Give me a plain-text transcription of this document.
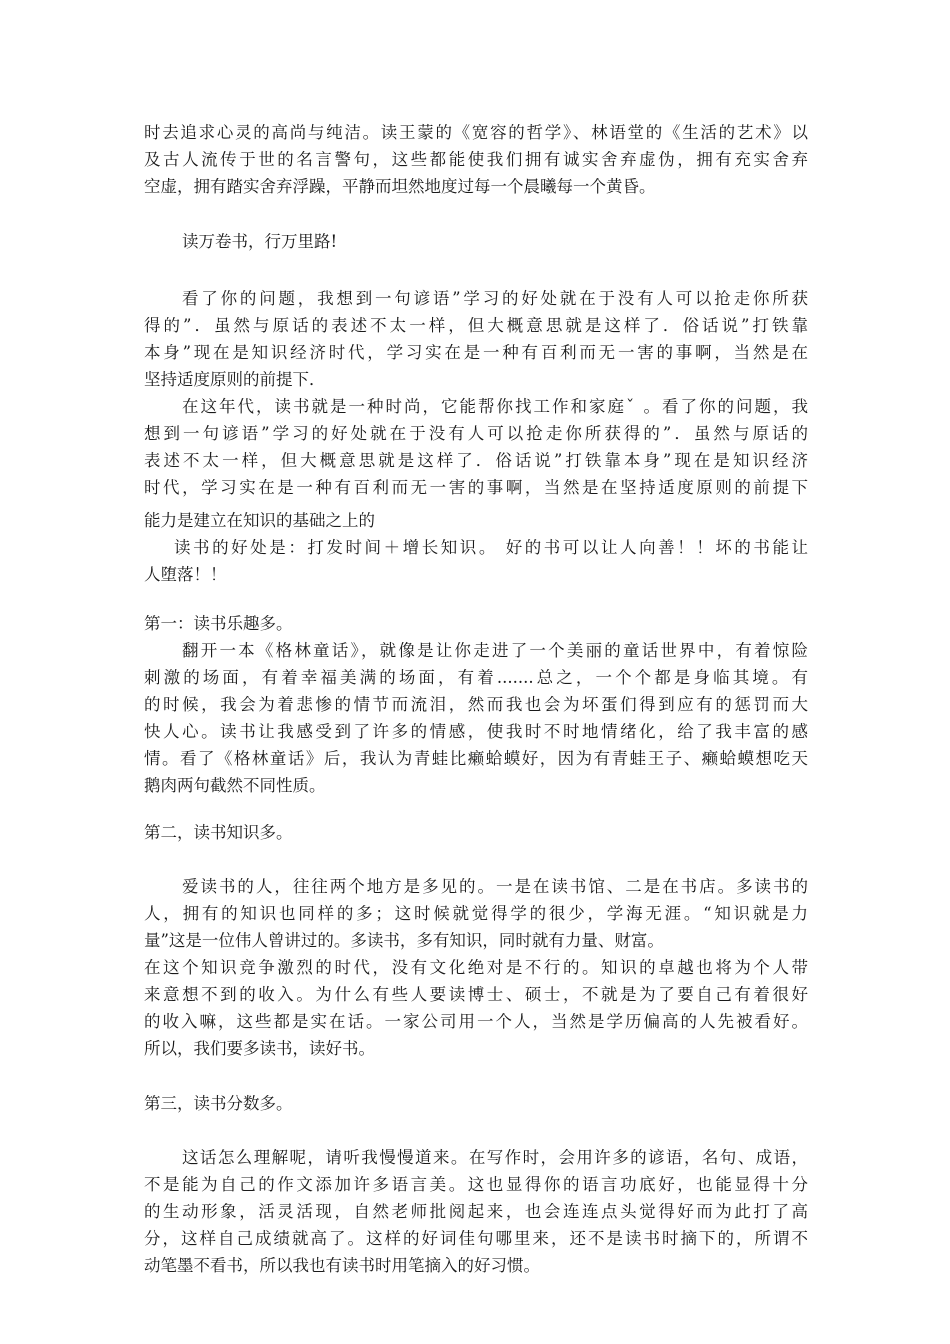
时去追求心灵的高尚与纯洁。读王蒙的《宽容的哲学》、林语堂的《生活的艺术》以
及古人流传于世的名言警句，这些都能使我们拥有诚实舍弃虚伪，拥有充实舍弃
空虚，拥有踏实舍弃浮躁，平静而坦然地度过每一个晨曦每一个黄昏。
读万卷书，行万里路!
看了你的问题，我想到一句谚语”学习的好处就在于没有人可以抢走你所获
得的”．虽然与原话的表述不太一样，但大概意思就是这样了．俗话说”打铁靠
本身”现在是知识经济时代，学习实在是一种有百利而无一害的事啊，当然是在
坚持适度原则的前提下．
在这年代，读书就是一种时尚，它能帮你找工作和家庭ˇ 。看了你的问题，我
想到一句谚语”学习的好处就在于没有人可以抢走你所获得的”．虽然与原话的
表述不太一样，但大概意思就是这样了．俗话说”打铁靠本身”现在是知识经济
时代，学习实在是一种有百利而无一害的事啊，当然是在坚持适度原则的前提下
能力是建立在知识的基础之上的
读书的好处是：打发时间＋增长知识。 好的书可以让人向善！！坏的书能让
人堕落！！
第一：读书乐趣多。
翻开一本《格林童话》，就像是让你走进了一个美丽的童话世界中，有着惊险
刺激的场面，有着幸福美满的场面，有着.......总之，一个个都是身临其境。有
的时候，我会为着悲惨的情节而流泪，然而我也会为坏蛋们得到应有的惩罚而大
快人心。读书让我感受到了许多的情感，使我时不时地情绪化，给了我丰富的感
情。看了《格林童话》后，我认为青蛙比癞蛤蟆好，因为有青蛙王子、癞蛤蟆想吃天
鹅肉两句截然不同性质。
第二，读书知识多。
爱读书的人，往往两个地方是多见的。一是在读书馆、二是在书店。多读书的
人，拥有的知识也同样的多；这时候就觉得学的很少，学海无涯。“知识就是力
量”这是一位伟人曾讲过的。多读书，多有知识，同时就有力量、财富。
在这个知识竞争激烈的时代，没有文化绝对是不行的。知识的卓越也将为个人带
来意想不到的收入。为什么有些人要读博士、硕士，不就是为了要自己有着很好
的收入嘛，这些都是实在话。一家公司用一个人，当然是学历偏高的人先被看好。
所以，我们要多读书，读好书。
第三，读书分数多。
这话怎么理解呢，请听我慢慢道来。在写作时，会用许多的谚语，名句、成语，
不是能为自己的作文添加许多语言美。这也显得你的语言功底好，也能显得十分
的生动形象，活灵活现，自然老师批阅起来，也会连连点头觉得好而为此打了高
分，这样自己成绩就高了。这样的好词佳句哪里来，还不是读书时摘下的，所谓不
动笔墨不看书，所以我也有读书时用笔摘入的好习惯。
